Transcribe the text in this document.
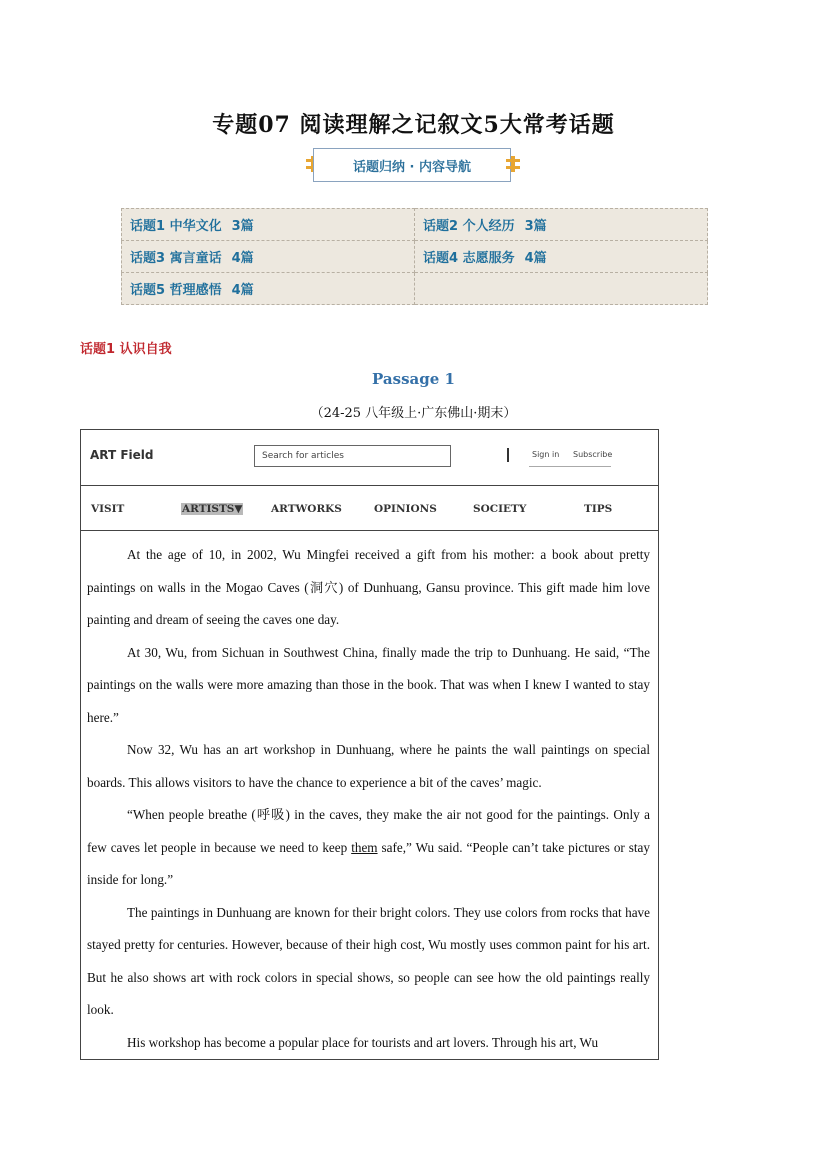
专题07 阅读理解之记叙文5大常考话题
话题归纳 · 内容导航
话题1 中华文化 3篇	话题2 个人经历 3篇
话题3 寓言童话 4篇	话题4 志愿服务 4篇
话题5 哲理感悟 4篇	
话题1 认识自我
Passage 1
（24-25 八年级上·广东佛山·期末）
ART Field	Search for articles	Sign in Subscribe
VISIT	ARTISTS▼	ARTWORKS	OPINIONS	SOCIETY	TIPS

At the age of 10, in 2002, Wu Mingfei received a gift from his mother: a book about pretty paintings on walls in the Mogao Caves (洞穴) of Dunhuang, Gansu province. This gift made him love painting and dream of seeing the caves one day.

At 30, Wu, from Sichuan in Southwest China, finally made the trip to Dunhuang. He said, “The paintings on the walls were more amazing than those in the book. That was when I knew I wanted to stay here.”

Now 32, Wu has an art workshop in Dunhuang, where he paints the wall paintings on special boards. This allows visitors to have the chance to experience a bit of the caves’ magic.

“When people breathe (呼吸) in the caves, they make the air not good for the paintings. Only a few caves let people in because we need to keep them safe,” Wu said. “People can’t take pictures or stay inside for long.”

The paintings in Dunhuang are known for their bright colors. They use colors from rocks that have stayed pretty for centuries. However, because of their high cost, Wu mostly uses common paint for his art. But he also shows art with rock colors in special shows, so people can see how the old paintings really look.

His workshop has become a popular place for tourists and art lovers. Through his art, Wu
